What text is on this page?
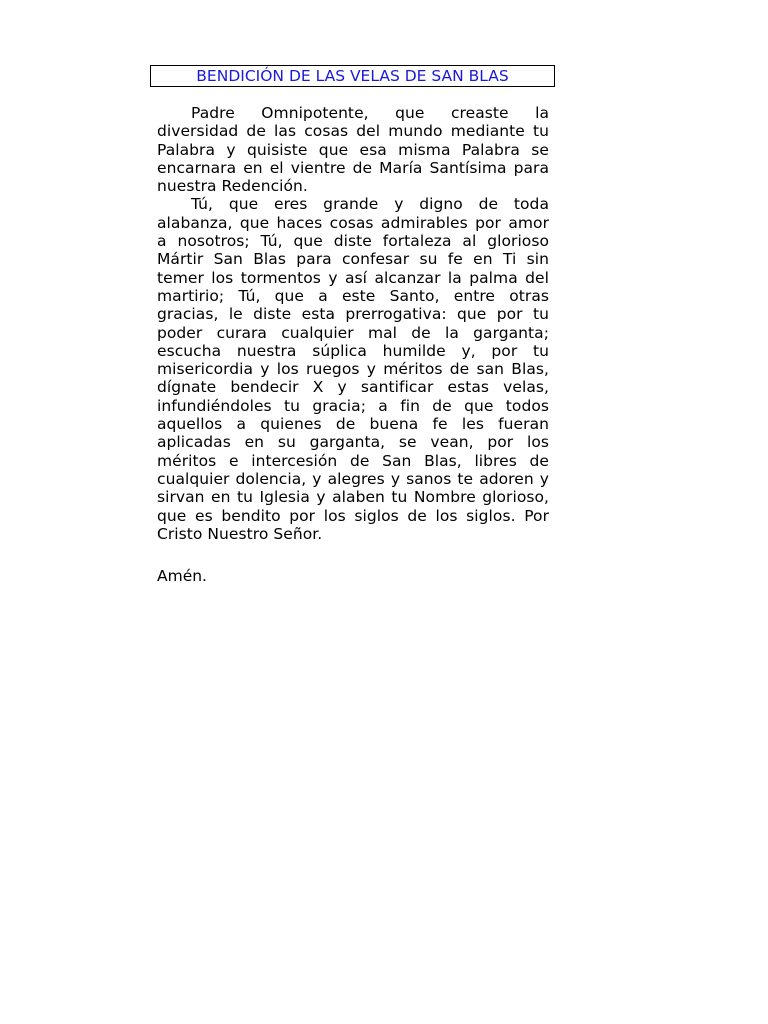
BENDICIÓN DE LAS VELAS DE SAN BLAS

Padre Omnipotente, que creaste la diversidad de las cosas del mundo mediante tu Palabra y quisiste que esa misma Palabra se encarnara en el vientre de María Santísima para nuestra Redención.

Tú, que eres grande y digno de toda alabanza, que haces cosas admirables por amor a nosotros; Tú, que diste fortaleza al glorioso Mártir San Blas para confesar su fe en Ti sin temer los tormentos y así alcanzar la palma del martirio; Tú, que a este Santo, entre otras gracias, le diste esta prerrogativa: que por tu poder curara cualquier mal de la garganta; escucha nuestra súplica humilde y, por tu misericordia y los ruegos y méritos de san Blas, dígnate bendecir X y santificar estas velas, infundiéndoles tu gracia; a fin de que todos aquellos a quienes de buena fe les fueran aplicadas en su garganta, se vean, por los méritos e intercesión de San Blas, libres de cualquier dolencia, y alegres y sanos te adoren y sirvan en tu Iglesia y alaben tu Nombre glorioso, que es bendito por los siglos de los siglos. Por Cristo Nuestro Señor.

Amén.
